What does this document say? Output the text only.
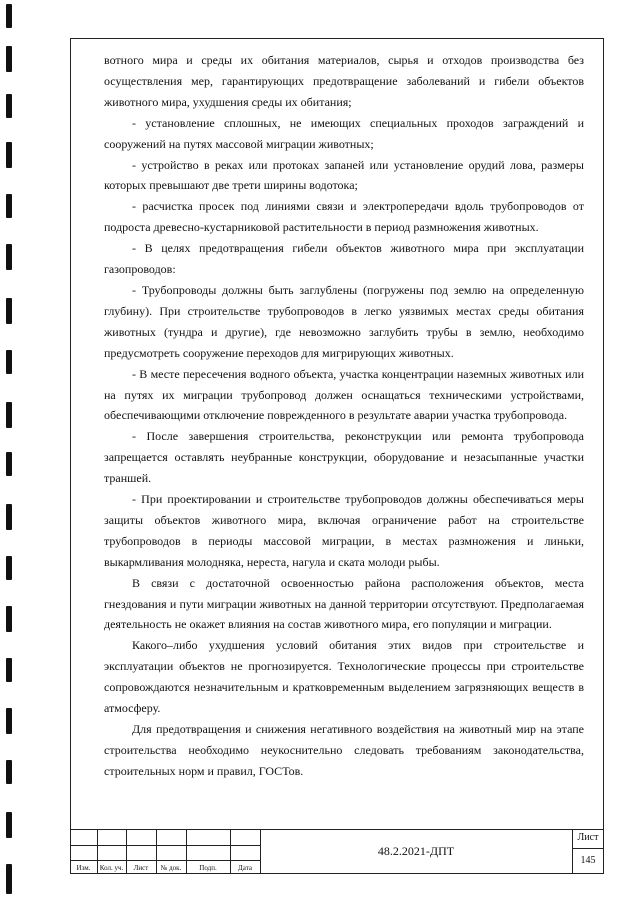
вотного мира и среды их обитания материалов, сырья и отходов производства без осуществления мер, гарантирующих предотвращение заболеваний и гибели объектов животного мира, ухудшения среды их обитания;

- установление сплошных, не имеющих специальных проходов заграждений и сооружений на путях массовой миграции животных;

- устройство в реках или протоках запаней или установление орудий лова, размеры которых превышают две трети ширины водотока;

- расчистка просек под линиями связи и электропередачи вдоль трубопроводов от подроста древесно-кустарниковой растительности в период размножения животных.

- В целях предотвращения гибели объектов животного мира при эксплуатации газопроводов:

- Трубопроводы должны быть заглублены (погружены под землю на определенную глубину). При строительстве трубопроводов в легко уязвимых местах среды обитания животных (тундра и другие), где невозможно заглубить трубы в землю, необходимо предусмотреть сооружение переходов для мигрирующих животных.

- В месте пересечения водного объекта, участка концентрации наземных животных или на путях их миграции трубопровод должен оснащаться техническими устройствами, обеспечивающими отключение поврежденного в результате аварии участка трубопровода.

- После завершения строительства, реконструкции или ремонта трубопровода запрещается оставлять неубранные конструкции, оборудование и незасыпанные участки траншей.

- При проектировании и строительстве трубопроводов должны обеспечиваться меры защиты объектов животного мира, включая ограничение работ на строительстве трубопроводов в периоды массовой миграции, в местах размножения и линьки, выкармливания молодняка, нереста, нагула и ската молоди рыбы.

В связи с достаточной освоенностью района расположения объектов, места гнездования и пути миграции животных на данной территории отсутствуют. Предполагаемая деятельность не окажет влияния на состав животного мира, его популяции и миграции.

Какого–либо ухудшения условий обитания этих видов при строительстве и эксплуатации объектов не прогнозируется. Технологические процессы при строительстве сопровождаются незначительным и кратковременным выделением загрязняющих веществ в атмосферу.

Для предотвращения и снижения негативного воздействия на животный мир на этапе строительства необходимо неукоснительно следовать требованиям законодательства, строительных норм и правил, ГОСТов.

Изм.	Кол. уч.	Лист	№ док.	Подп.	Дата
48.2.2021-ДПТ
Лист
145
